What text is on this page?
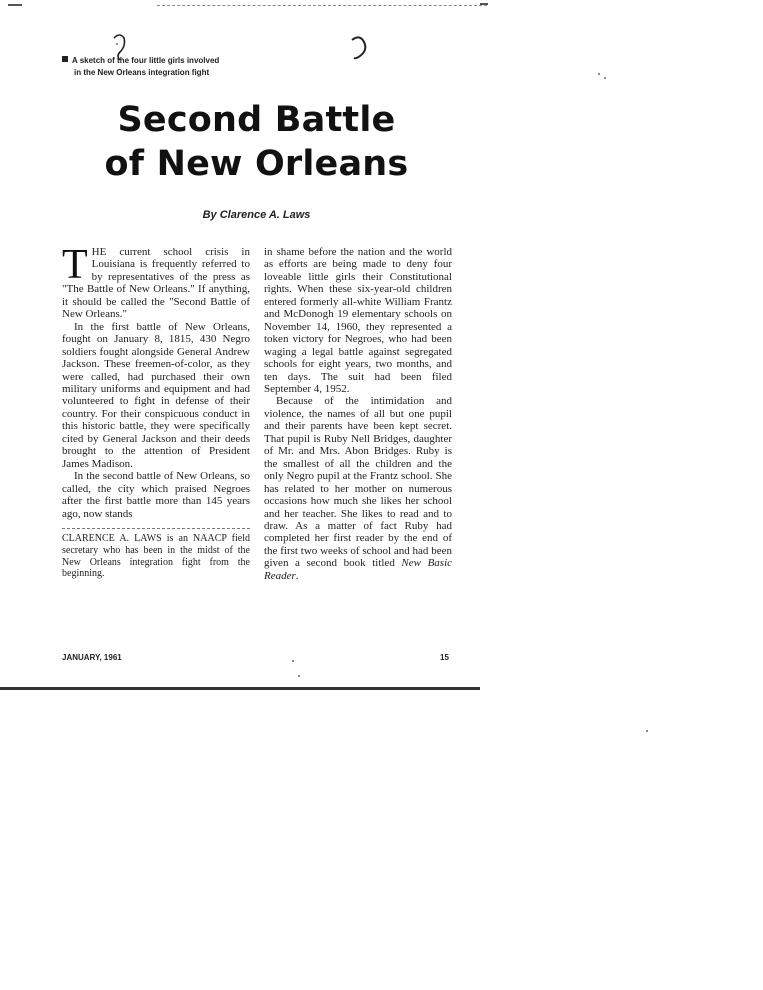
A sketch of the four little girls involved
in the New Orleans integration fight
Second Battle
of New Orleans
By Clarence A. Laws

THE current school crisis in Louisiana is frequently referred to by representatives of the press as "The Battle of New Orleans." If anything, it should be called the "Second Battle of New Orleans."

In the first battle of New Orleans, fought on January 8, 1815, 430 Negro soldiers fought alongside General Andrew Jackson. These freemen-of-color, as they were called, had purchased their own military uniforms and equipment and had volunteered to fight in defense of their country. For their conspicuous conduct in this historic battle, they were specifically cited by General Jackson and their deeds brought to the attention of President James Madison.

In the second battle of New Orleans, so called, the city which praised Negroes after the first battle more than 145 years ago, now stands

CLARENCE A. LAWS is an NAACP field secretary who has been in the midst of the New Orleans integration fight from the beginning.

in shame before the nation and the world as efforts are being made to deny four loveable little girls their Constitutional rights. When these six-year-old children entered formerly all-white William Frantz and McDonogh 19 elementary schools on November 14, 1960, they represented a token victory for Negroes, who had been waging a legal battle against segregated schools for eight years, two months, and ten days. The suit had been filed September 4, 1952.

Because of the intimidation and violence, the names of all but one pupil and their parents have been kept secret. That pupil is Ruby Nell Bridges, daughter of Mr. and Mrs. Abon Bridges. Ruby is the smallest of all the children and the only Negro pupil at the Frantz school. She has related to her mother on numerous occasions how much she likes her school and her teacher. She likes to read and to draw. As a matter of fact Ruby had completed her first reader by the end of the first two weeks of school and had been given a second book titled New Basic Reader.

JANUARY, 1961	15
